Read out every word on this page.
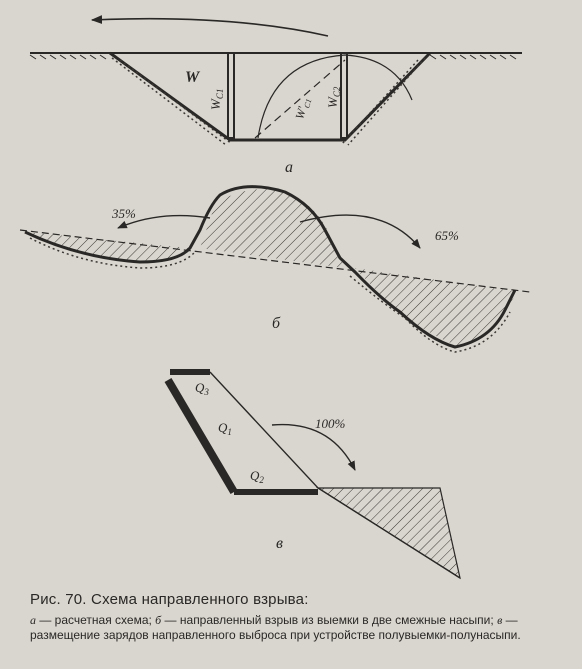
W
$W_{C1}$
$W_{C2}$
$W'_{C1}$
а
35%
65%
б
$Q_3$
$Q_1$
$Q_2$
100%
в

Рис. 70. Схема направленного взрыва:

а — расчетная схема; б — направленный взрыв из выемки в две смежные насыпи; в — размещение зарядов направленного выброса при устройстве полувыемки-полунасыпи.
